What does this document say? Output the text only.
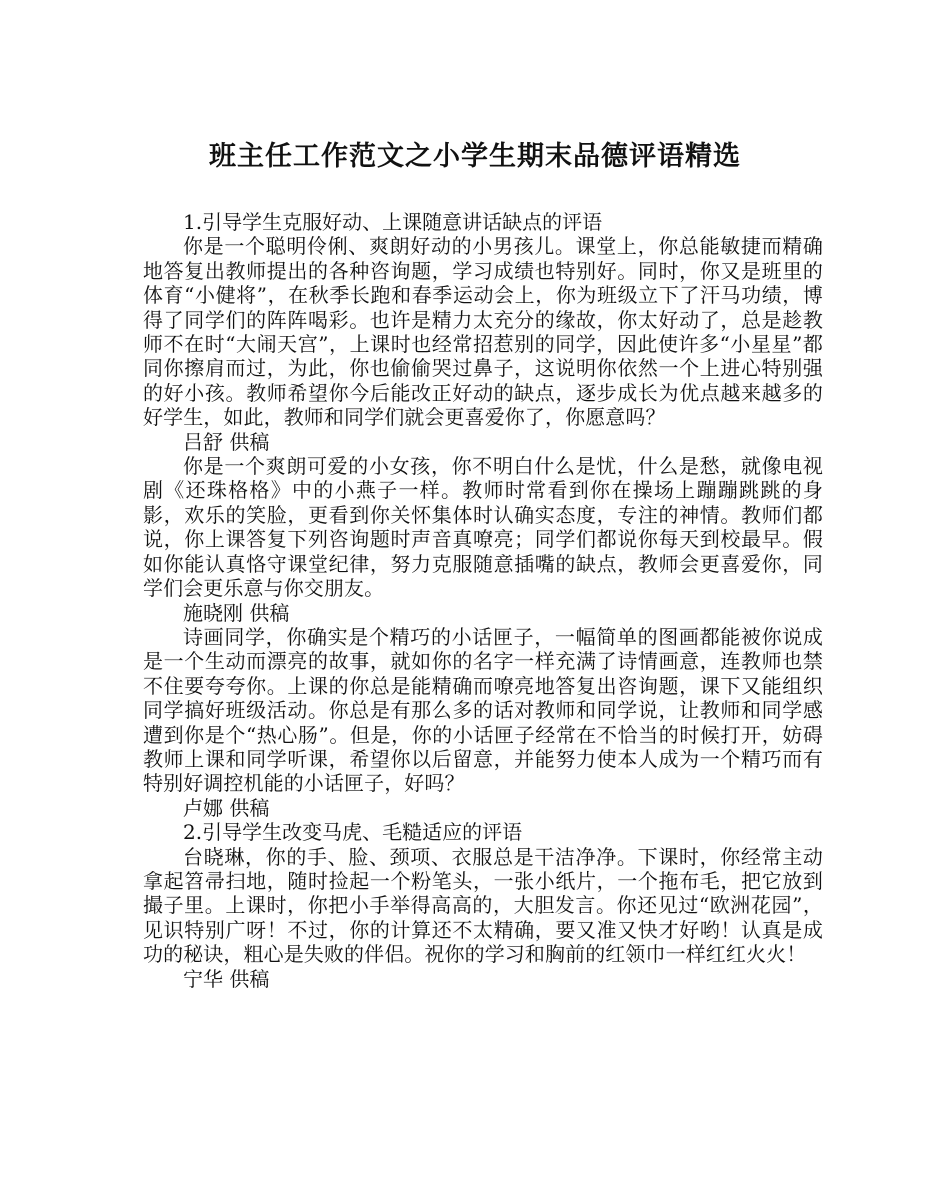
班主任工作范文之小学生期末品德评语精选

1.引导学生克服好动、上课随意讲话缺点的评语

你是一个聪明伶俐、爽朗好动的小男孩儿。课堂上，你总能敏捷而精确地答复出教师提出的各种咨询题，学习成绩也特别好。同时，你又是班里的体育“小健将”，在秋季长跑和春季运动会上，你为班级立下了汗马功绩，博得了同学们的阵阵喝彩。也许是精力太充分的缘故，你太好动了，总是趁教师不在时“大闹天宫”，上课时也经常招惹别的同学，因此使许多“小星星”都同你擦肩而过，为此，你也偷偷哭过鼻子，这说明你依然一个上进心特别强的好小孩。教师希望你今后能改正好动的缺点，逐步成长为优点越来越多的好学生，如此，教师和同学们就会更喜爱你了，你愿意吗？

吕舒 供稿

你是一个爽朗可爱的小女孩，你不明白什么是忧，什么是愁，就像电视剧《还珠格格》中的小燕子一样。教师时常看到你在操场上蹦蹦跳跳的身影，欢乐的笑脸，更看到你关怀集体时认确实态度，专注的神情。教师们都说，你上课答复下列咨询题时声音真嘹亮；同学们都说你每天到校最早。假如你能认真恪守课堂纪律，努力克服随意插嘴的缺点，教师会更喜爱你，同学们会更乐意与你交朋友。

施晓刚 供稿

诗画同学，你确实是个精巧的小话匣子，一幅简单的图画都能被你说成是一个生动而漂亮的故事，就如你的名字一样充满了诗情画意，连教师也禁不住要夸夸你。上课的你总是能精确而嘹亮地答复出咨询题，课下又能组织同学搞好班级活动。你总是有那么多的话对教师和同学说，让教师和同学感遭到你是个“热心肠”。但是，你的小话匣子经常在不恰当的时候打开，妨碍教师上课和同学听课，希望你以后留意，并能努力使本人成为一个精巧而有特别好调控机能的小话匣子，好吗？

卢娜 供稿

2.引导学生改变马虎、毛糙适应的评语

台晓琳，你的手、脸、颈项、衣服总是干洁净净。下课时，你经常主动拿起笤帚扫地，随时捡起一个粉笔头，一张小纸片，一个拖布毛，把它放到撮子里。上课时，你把小手举得高高的，大胆发言。你还见过“欧洲花园”，见识特别广呀！不过，你的计算还不太精确，要又准又快才好哟！认真是成功的秘诀，粗心是失败的伴侣。祝你的学习和胸前的红领巾一样红红火火！

宁华 供稿
